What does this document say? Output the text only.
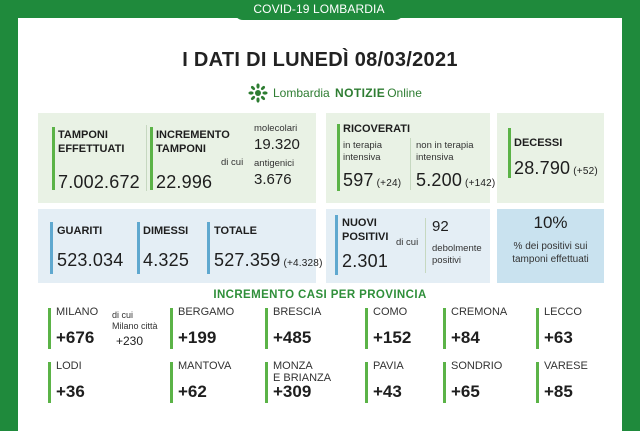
COVID-19 LOMBARDIA
I DATI DI LUNEDÌ 08/03/2021
Lombardia NOTIZIE Online
TAMPONI
EFFETTUATI
7.002.672
INCREMENTO
TAMPONI
22.996
di cui
molecolari
19.320
antigenici
3.676
RICOVERATI
in terapia
intensiva
597 (+24)
non in terapia
intensiva
5.200 (+142)
DECESSI
28.790 (+52)
GUARITI
523.034
DIMESSI
4.325
TOTALE
527.359 (+4.328)
NUOVI
POSITIVI
2.301
di cui
92
debolmente
positivi
10%
% dei positivi sui
tamponi effettuati
INCREMENTO CASI PER PROVINCIA
MILANO
+676
BERGAMO
+199
BRESCIA
+485
COMO
+152
CREMONA
+84
LECCO
+63
LODI
+36
MANTOVA
+62
MONZA
E BRIANZA
+309
PAVIA
+43
SONDRIO
+65
VARESE
+85
di cui
Milano città
+230
